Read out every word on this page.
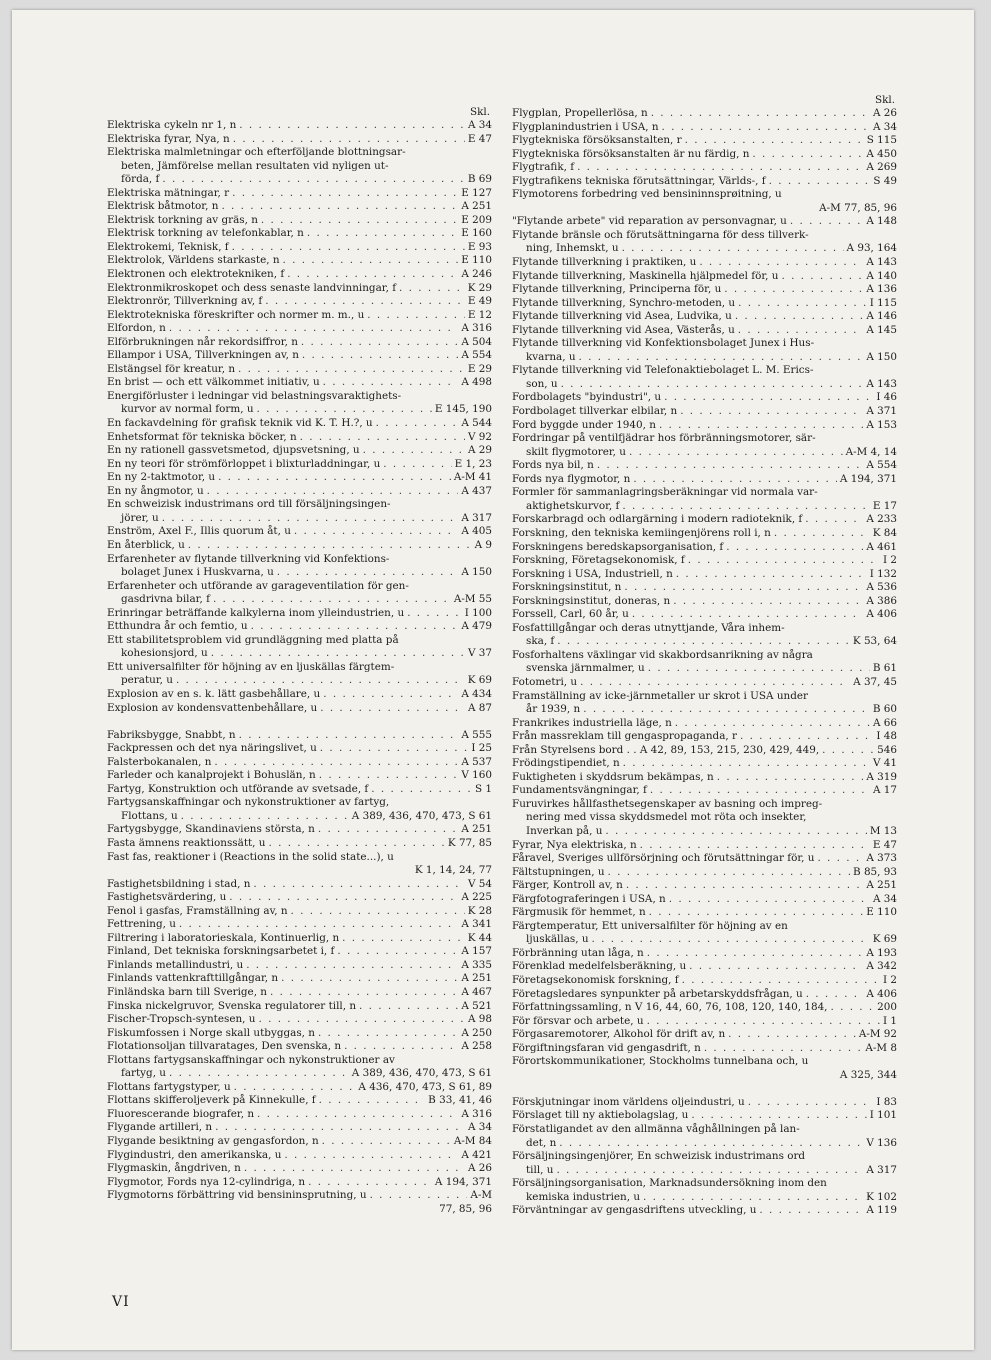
Skl.
Elektriska cykeln nr 1, n . . .	A 34
Elektriska fyrar, Nya, n . . .	E 47
Elektriska malmletningar och efterföljande blottningsar-
beten, Jämförelse mellan resultaten vid nyligen ut-
förda, f . . .	B 69
Elektriska mätningar, r . . .	E 127
Elektrisk båtmotor, n . . .	A 251
Elektrisk torkning av gräs, n . . .	E 209
Elektrisk torkning av telefonkablar, n . . .	E 160
Elektrokemi, Teknisk, f . . .	E 93
Elektrolok, Världens starkaste, n . . .	E 110
Elektronen och elektrotekniken, f . . .	A 246
Elektronmikroskopet och dess senaste landvinningar, f . . .	K 29
Elektronrör, Tillverkning av, f . . .	E 49
Elektrotekniska föreskrifter och normer m. m., u . . .	E 12
Elfordon, n . . .	A 316
Elförbrukningen når rekordsiffror, n . . .	A 504
Ellampor i USA, Tillverkningen av, n . . .	A 554
Elstängsel för kreatur, n . . .	E 29
En brist — och ett välkommet initiativ, u . . .	A 498
Energiförluster i ledningar vid belastningsvaraktighets-
kurvor av normal form, u . . .	E 145, 190
En fackavdelning för grafisk teknik vid K. T. H.?, u . . .	A 544
Enhetsformat för tekniska böcker, n . . .	V 92
En ny rationell gassvetsmetod, djupsvetsning, u . . .	A 29
En ny teori för strömförloppet i blixturladdningar, u . . .	E 1, 23
En ny 2-taktmotor, u . . .	A-M 41
En ny ångmotor, u . . .	A 437
En schweizisk industrimans ord till försäljningsingen-
jörer, u . . .	A 317
Enström, Axel F., Illis quorum åt, u . . .	A 405
En återblick, u . . .	A 9
Erfarenheter av flytande tillverkning vid Konfektions-
bolaget Junex i Huskvarna, u . . .	A 150
Erfarenheter och utförande av garageventilation för gen-
gasdrivna bilar, f . . .	A-M 55
Erinringar beträffande kalkylerna inom ylleindustrien, u . . .	I 100
Etthundra år och femtio, u . . .	A 479
Ett stabilitetsproblem vid grundläggning med platta på
kohesionsjord, u . . .	V 37
Ett universalfilter för höjning av en ljuskällas färgtem-
peratur, u . . .	K 69
Explosion av en s. k. lätt gasbehållare, u . . .	A 434
Explosion av kondensvattenbehållare, u . . .	A 87
Fabriksbygge, Snabbt, n . . .	A 555
Fackpressen och det nya näringslivet, u . . .	I 25
Falsterbokanalen, n . . .	A 537
Farleder och kanalprojekt i Bohuslän, n . . .	V 160
Fartyg, Konstruktion och utförande av svetsade, f . . .	S 1
Fartygsanskaffningar och nykonstruktioner av fartyg,
Flottans, u . . .	A 389, 436, 470, 473, S 61
Fartygsbygge, Skandinaviens största, n . . .	A 251
Fasta ämnens reaktionssätt, u . . .	K 77, 85
Fast fas, reaktioner i (Reactions in the solid state...), u
K 1, 14, 24, 77
Fastighetsbildning i stad, n . . .	V 54
Fastighetsvärdering, u . . .	A 225
Fenol i gasfas, Framställning av, n . . .	K 28
Fettrening, u . . .	A 341
Filtrering i laboratorieskala, Kontinuerlig, n . . .	K 44
Finland, Det tekniska forskningsarbetet i, f . . .	A 157
Finlands metallindustri, u . . .	A 335
Finlands vattenkrafttillgångar, n . . .	A 251
Finländska barn till Sverige, n . . .	A 467
Finska nickelgruvor, Svenska regulatorer till, n . . .	A 521
Fischer-Tropsch-syntesen, u . . .	A 98
Fiskumfossen i Norge skall utbyggas, n . . .	A 250
Flotationsoljan tillvaratages, Den svenska, n . . .	A 258
Flottans fartygsanskaffningar och nykonstruktioner av
fartyg, u . . .	A 389, 436, 470, 473, S 61
Flottans fartygstyper, u . . .	A 436, 470, 473, S 61, 89
Flottans skifferoljeverk på Kinnekulle, f . . .	B 33, 41, 46
Fluorescerande biografer, n . . .	A 316
Flygande artilleri, n . . .	A 34
Flygande besiktning av gengasfordon, n . . .	A-M 84
Flygindustri, den amerikanska, u . . .	A 421
Flygmaskin, ångdriven, n . . .	A 26
Flygmotor, Fords nya 12-cylindriga, n . . .	A 194, 371
Flygmotorns förbättring vid bensininsprutning, u . . .	A-M
77, 85, 96
Skl.
Flygplan, Propellerlösa, n . . .	A 26
Flygplanindustrien i USA, n . . .	A 34
Flygtekniska försöksanstalten, r . . .	S 115
Flygtekniska försöksanstalten är nu färdig, n . . .	A 450
Flygtrafik, f . . .	A 269
Flygtrafikens tekniska förutsättningar, Världs-, f . . .	S 49
Flymotorens forbedring ved bensininnsprøitning, u
A-M 77, 85, 96
"Flytande arbete" vid reparation av personvagnar, u . . .	A 148
Flytande bränsle och förutsättningarna för dess tillverk-
ning, Inhemskt, u . . .	A 93, 164
Flytande tillverkning i praktiken, u . . .	A 143
Flytande tillverkning, Maskinella hjälpmedel för, u . . .	A 140
Flytande tillverkning, Principerna för, u . . .	A 136
Flytande tillverkning, Synchro-metoden, u . . .	I 115
Flytande tillverkning vid Asea, Ludvika, u . . .	A 146
Flytande tillverkning vid Asea, Västerås, u . . .	A 145
Flytande tillverkning vid Konfektionsbolaget Junex i Hus-
kvarna, u . . .	A 150
Flytande tillverkning vid Telefonaktiebolaget L. M. Erics-
son, u . . .	A 143
Fordbolagets "byindustri", u . . .	I 46
Fordbolaget tillverkar elbilar, n . . .	A 371
Ford byggde under 1940, n . . .	A 153
Fordringar på ventilfjädrar hos förbränningsmotorer, sär-
skilt flygmotorer, u . . .	A-M 4, 14
Fords nya bil, n . . .	A 554
Fords nya flygmotor, n . . .	A 194, 371
Formler för sammanlagringsberäkningar vid normala var-
aktighetskurvor, f . . .	E 17
Forskarbragd och odlargärning i modern radioteknik, f . . .	A 233
Forskning, den tekniska kemiingenjörens roll i, n . . .	K 84
Forskningens beredskapsorganisation, f . . .	A 461
Forskning, Företagsekonomisk, f . . .	I 2
Forskning i USA, Industriell, n . . .	I 132
Forskningsinstitut, n . . .	A 536
Forskningsinstitut, doneras, n . . .	A 386
Forssell, Carl, 60 år, u . . .	A 406
Fosfattillgångar och deras utnyttjande, Våra inhem-
ska, f . . .	K 53, 64
Fosforhaltens växlingar vid skakbordsanrikning av några
svenska järnmalmer, u . . .	B 61
Fotometri, u . . .	A 37, 45
Framställning av icke-järnmetaller ur skrot i USA under
år 1939, n . . .	B 60
Frankrikes industriella läge, n . . .	A 66
Från massreklam till gengaspropaganda, r . . .	I 48
Från Styrelsens bord . . A 42, 89, 153, 215, 230, 429, 449, . . .	546
Frödingstipendiet, n . . .	V 41
Fuktigheten i skyddsrum bekämpas, n . . .	A 319
Fundamentsvängningar, f . . .	A 17
Furuvirkes hållfasthetsegenskaper av basning och impreg-
nering med vissa skyddsmedel mot röta och insekter,
Inverkan på, u . . .	M 13
Fyrar, Nya elektriska, n . . .	E 47
Fåravel, Sveriges ullförsörjning och förutsättningar för, u . . .	A 373
Fältstupningen, u . . .	B 85, 93
Färger, Kontroll av, n . . .	A 251
Färgfotograferingen i USA, n . . .	A 34
Färgmusik för hemmet, n . . .	E 110
Färgtemperatur, Ett universalfilter för höjning av en
ljuskällas, u . . .	K 69
Förbränning utan låga, n . . .	A 193
Förenklad medelfelsberäkning, u . . .	A 342
Företagsekonomisk forskning, f . . .	I 2
Företagsledares synpunkter på arbetarskyddsfrågan, u . . .	A 406
Författningssamling, n V 16, 44, 60, 76, 108, 120, 140, 184, . . .	200
För försvar och arbete, u . . .	I 1
Förgasaremotorer, Alkohol för drift av, n . . .	A-M 92
Förgiftningsfaran vid gengasdrift, n . . .	A-M 8
Förortskommunikationer, Stockholms tunnelbana och, u
A 325, 344
Förskjutningar inom världens oljeindustri, u . . .	I 83
Förslaget till ny aktiebolagslag, u . . .	I 101
Förstatligandet av den allmänna våghållningen på lan-
det, n . . .	V 136
Försäljningsingenjörer, En schweizisk industrimans ord
till, u . . .	A 317
Försäljningsorganisation, Marknadsundersökning inom den
kemiska industrien, u . . .	K 102
Förväntningar av gengasdriftens utveckling, u . . .	A 119
VI
